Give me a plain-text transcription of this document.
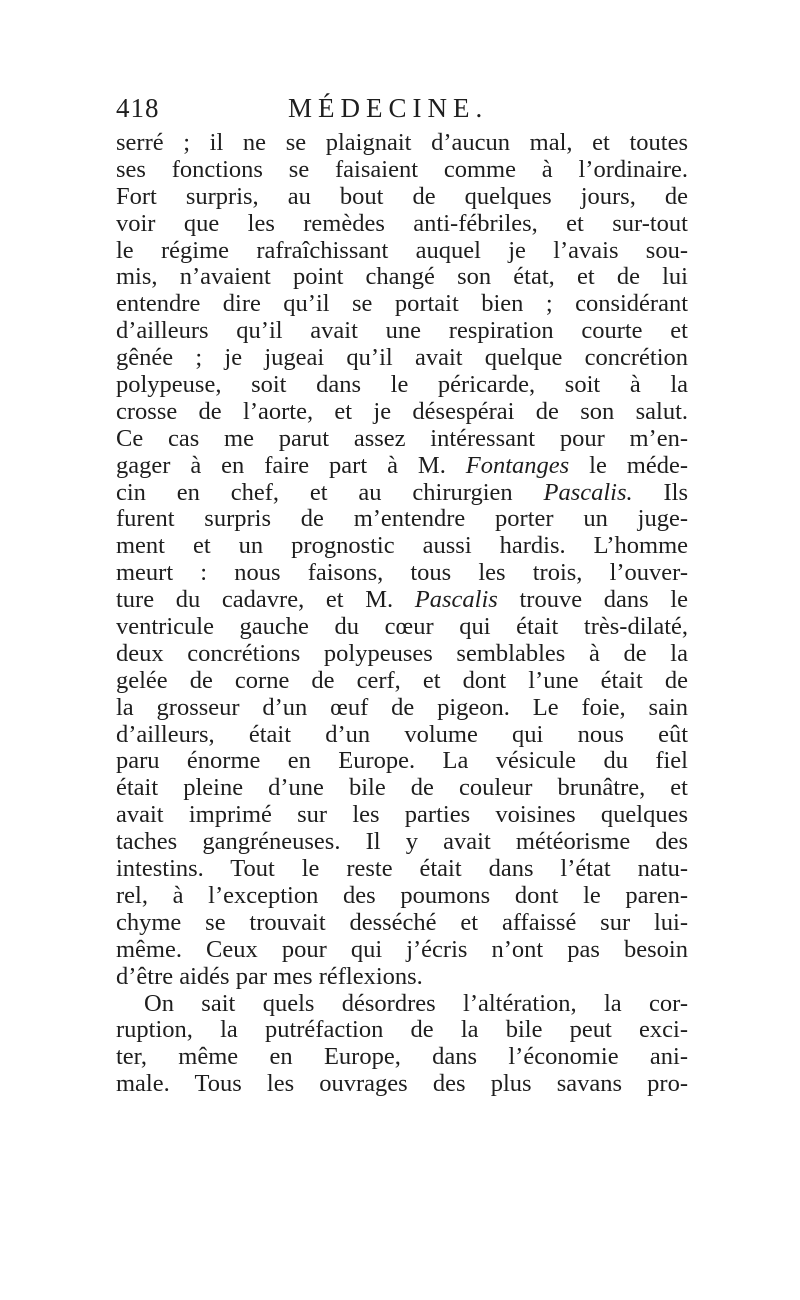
418	MÉDECINE.
serré ; il ne se plaignait d’aucun mal, et toutes
ses fonctions se faisaient comme à l’ordinaire.
Fort surpris, au bout de quelques jours, de
voir que les remèdes anti-fébriles, et sur-tout
le régime rafraîchissant auquel je l’avais sou-
mis, n’avaient point changé son état, et de lui
entendre dire qu’il se portait bien ; considérant
d’ailleurs qu’il avait une respiration courte et
gênée ; je jugeai qu’il avait quelque concrétion
polypeuse, soit dans le péricarde, soit à la
crosse de l’aorte, et je désespérai de son salut.
Ce cas me parut assez intéressant pour m’en-
gager à en faire part à M. Fontanges le méde-
cin en chef, et au chirurgien Pascalis. Ils
furent surpris de m’entendre porter un juge-
ment et un prognostic aussi hardis. L’homme
meurt : nous faisons, tous les trois, l’ouver-
ture du cadavre, et M. Pascalis trouve dans le
ventricule gauche du cœur qui était très-dilaté,
deux concrétions polypeuses semblables à de la
gelée de corne de cerf, et dont l’une était de
la grosseur d’un œuf de pigeon. Le foie, sain
d’ailleurs, était d’un volume qui nous eût
paru énorme en Europe. La vésicule du fiel
était pleine d’une bile de couleur brunâtre, et
avait imprimé sur les parties voisines quelques
taches gangréneuses. Il y avait météorisme des
intestins. Tout le reste était dans l’état natu-
rel, à l’exception des poumons dont le paren-
chyme se trouvait desséché et affaissé sur lui-
même. Ceux pour qui j’écris n’ont pas besoin
d’être aidés par mes réflexions.
On sait quels désordres l’altération, la cor-
ruption, la putréfaction de la bile peut exci-
ter, même en Europe, dans l’économie ani-
male. Tous les ouvrages des plus savans pro-
